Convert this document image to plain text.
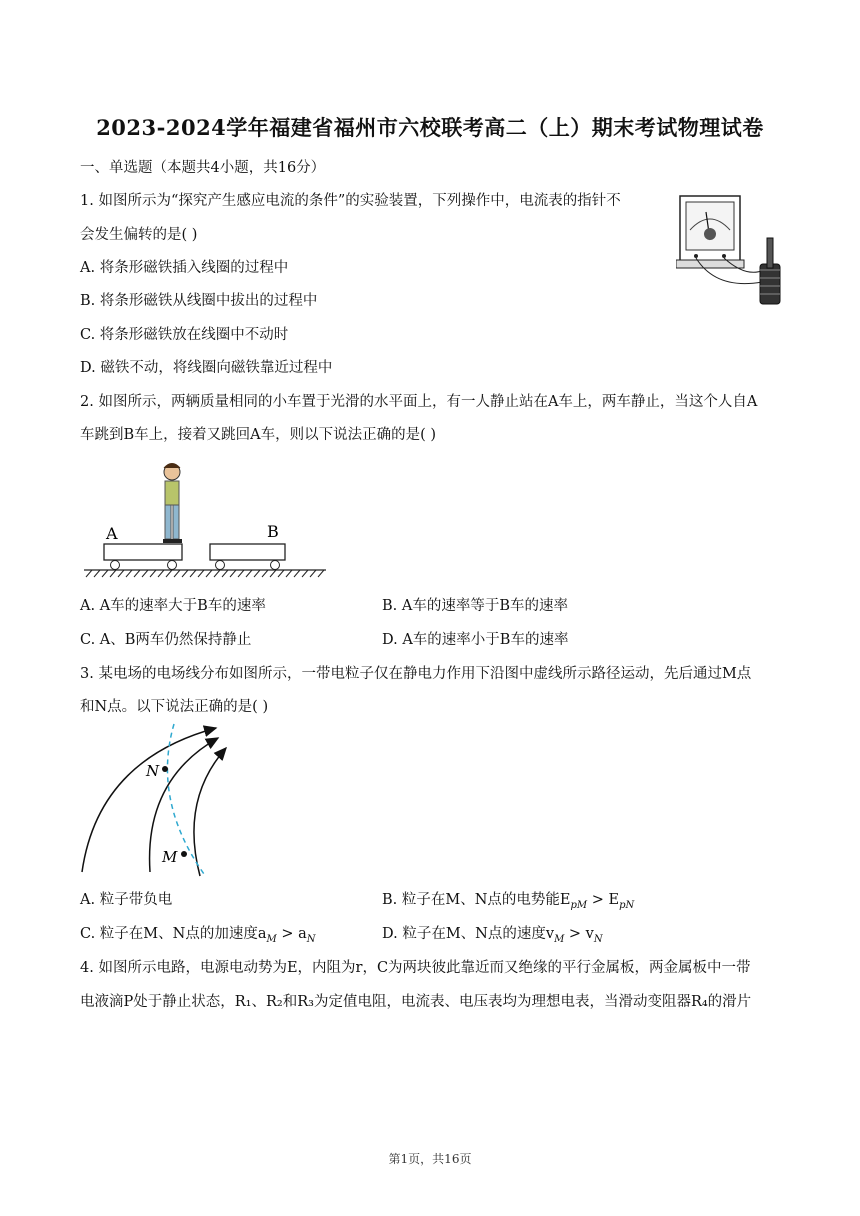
2023-2024学年福建省福州市六校联考高二（上）期末考试物理试卷
一、单选题（本题共4小题，共16分）
1. 如图所示为“探究产生感应电流的条件”的实验装置，下列操作中，电流表的指针不
会发生偏转的是( )
A. 将条形磁铁插入线圈的过程中
B. 将条形磁铁从线圈中拔出的过程中
C. 将条形磁铁放在线圈中不动时
D. 磁铁不动，将线圈向磁铁靠近过程中
2. 如图所示，两辆质量相同的小车置于光滑的水平面上，有一人静止站在A车上，两车静止，当这个人自A
车跳到B车上，接着又跳回A车，则以下说法正确的是( )
A	B
A. A车的速率大于B车的速率	B. A车的速率等于B车的速率
C. A、B两车仍然保持静止	D. A车的速率小于B车的速率
3. 某电场的电场线分布如图所示，一带电粒子仅在静电力作用下沿图中虚线所示路径运动，先后通过M点
和N点。以下说法正确的是( )
N
M
A. 粒子带负电	B. 粒子在M、N点的电势能$E_{pM} > E_{pN}$
C. 粒子在M、N点的加速度$a_M > a_N$	D. 粒子在M、N点的速度$v_M > v_N$
4. 如图所示电路，电源电动势为E，内阻为r，C为两块彼此靠近而又绝缘的平行金属板，两金属板中一带
电液滴P处于静止状态，R₁、R₂和R₃为定值电阻，电流表、电压表均为理想电表，当滑动变阻器R₄的滑片
第1页，共16页
